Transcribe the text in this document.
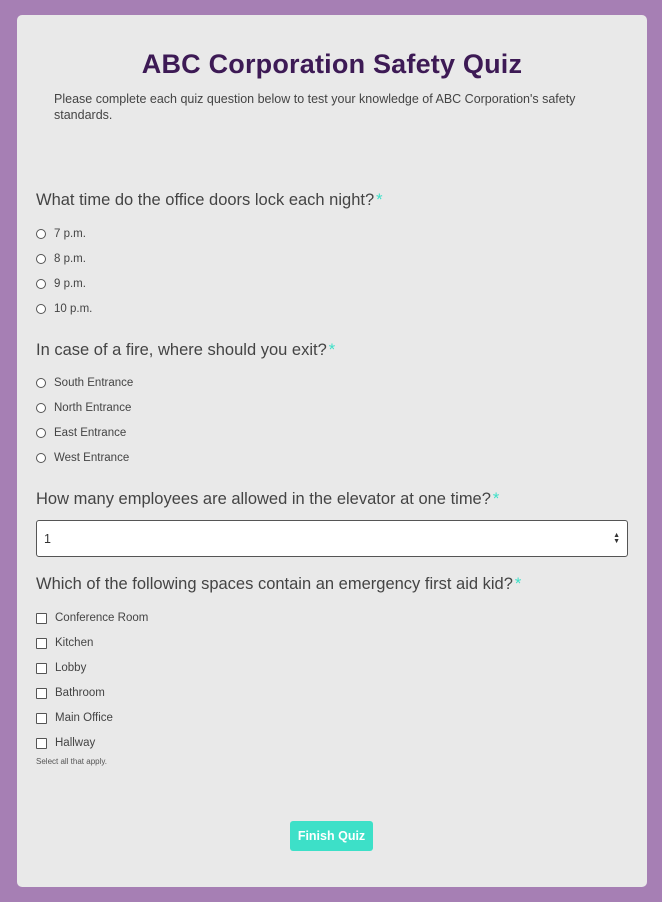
ABC Corporation Safety Quiz

Please complete each quiz question below to test your knowledge of ABC Corporation's safety standards.

What time do the office doors lock each night? *
7 p.m.
8 p.m.
9 p.m.
10 p.m.
In case of a fire, where should you exit? *
South Entrance
North Entrance
East Entrance
West Entrance
How many employees are allowed in the elevator at one time? *
1	▲
▼
Which of the following spaces contain an emergency first aid kid? *
Conference Room
Kitchen
Lobby
Bathroom
Main Office
Hallway
Select all that apply.
Finish Quiz
